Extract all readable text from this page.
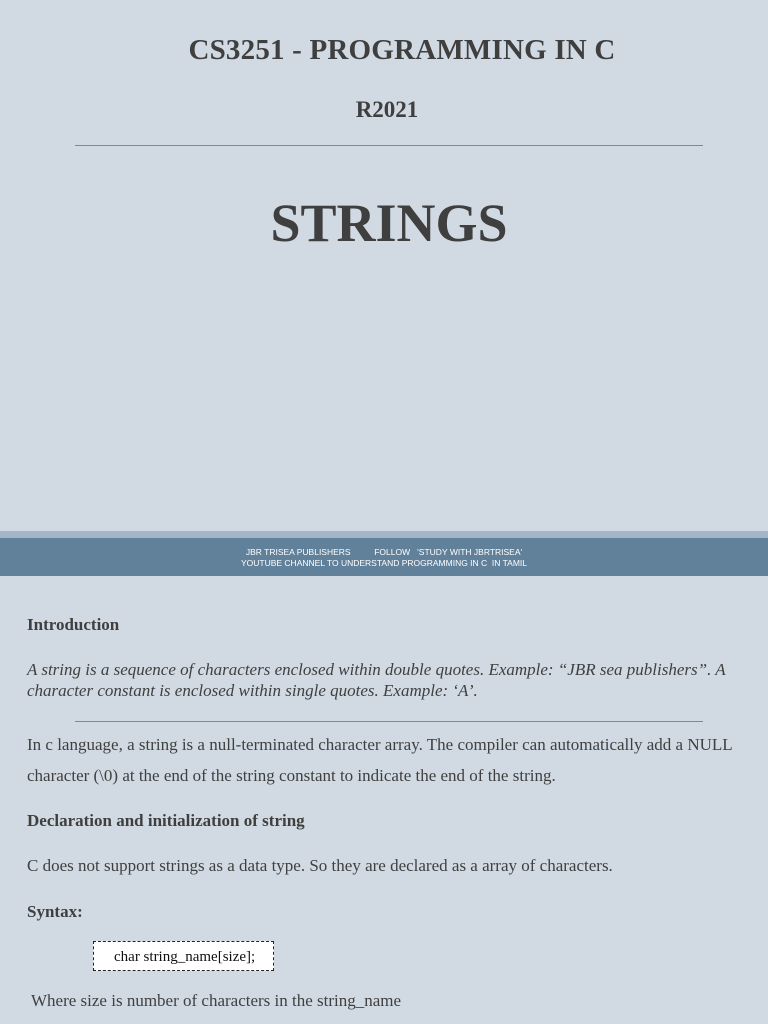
CS3251 - PROGRAMMING IN C
R2021
STRINGS
JBR TRISEA PUBLISHERS          FOLLOW   'STUDY WITH JBRTRISEA'
YOUTUBE CHANNEL TO UNDERSTAND PROGRAMMING IN C  IN TAMIL
Introduction
A string is a sequence of characters enclosed within double quotes. Example: “JBR sea publishers”. A character constant is enclosed within single quotes. Example: ‘A’.
In c language, a string is a null-terminated character array. The compiler can automatically add a NULL character (\0) at the end of the string constant to indicate the end of the string.
Declaration and initialization of string
C does not support strings as a data type. So they are declared as a array of characters.
Syntax:
char string_name[size];
Where size is number of characters in the string_name
